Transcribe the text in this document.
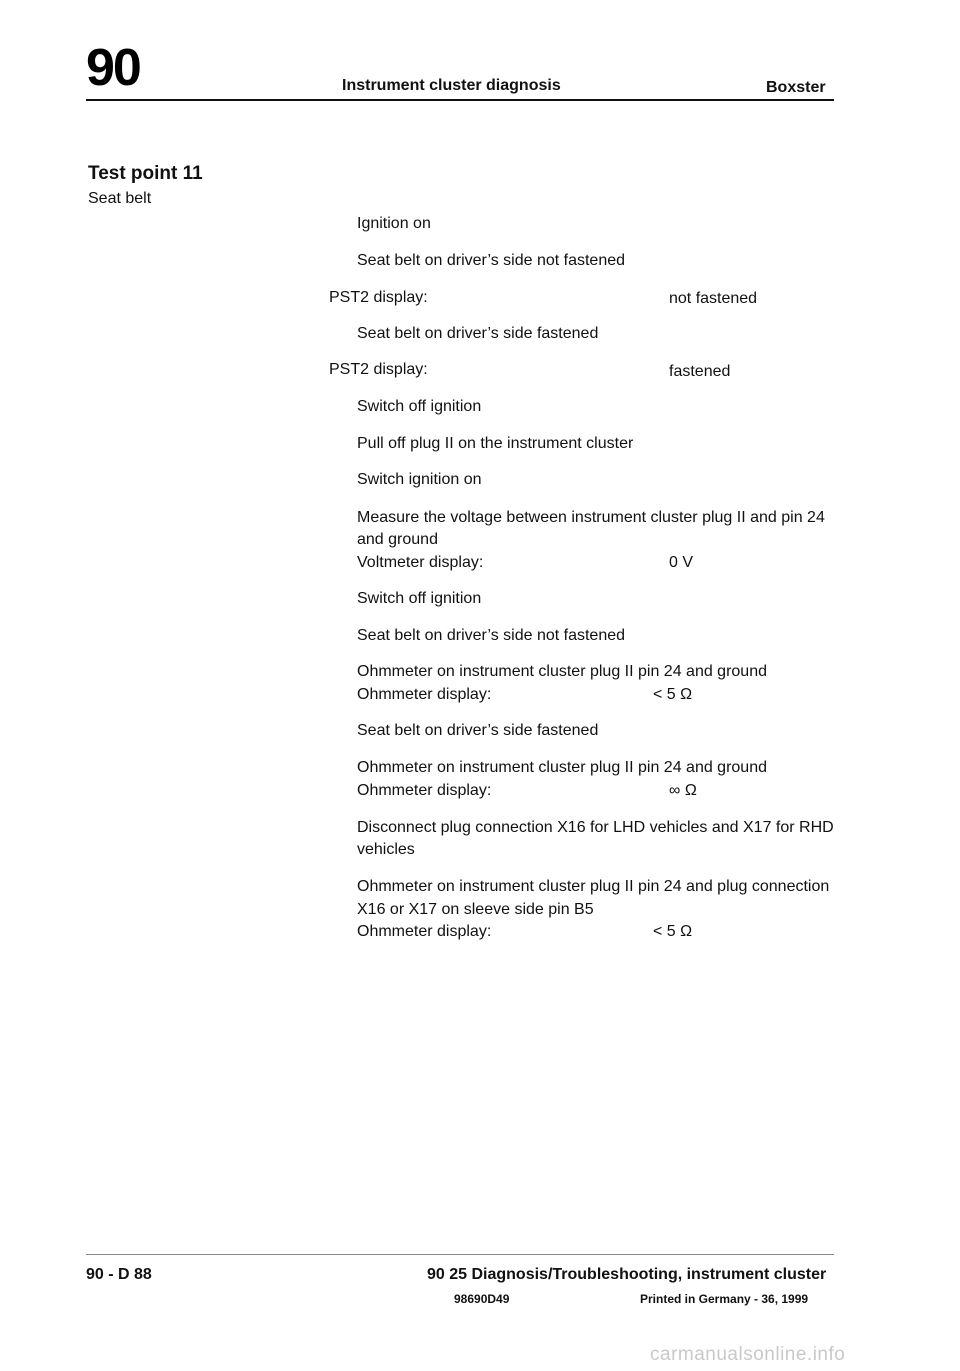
90	Instrument cluster diagnosis	Boxster
Test point 11
Seat belt
Ignition on
Seat belt on driver’s side not fastened
PST2 display:	not fastened
Seat belt on driver’s side fastened
PST2 display:	fastened
Switch off ignition
Pull off plug II on the instrument cluster
Switch ignition on
Measure the voltage between instrument cluster plug II and pin 24
and ground
Voltmeter display:	0 V
Switch off ignition
Seat belt on driver’s side not fastened
Ohmmeter on instrument cluster plug II pin 24 and ground
Ohmmeter display:	< 5 Ω
Seat belt on driver’s side fastened
Ohmmeter on instrument cluster plug II pin 24 and ground
Ohmmeter display:	∞ Ω
Disconnect plug connection X16 for LHD vehicles and X17 for RHD
vehicles
Ohmmeter on instrument cluster plug II pin 24 and plug connection
X16 or X17 on sleeve side pin B5
Ohmmeter display:	< 5 Ω
90 - D 88	90 25 Diagnosis/Troubleshooting, instrument cluster
98690D49	Printed in Germany - 36, 1999
carmanualsonline.info
